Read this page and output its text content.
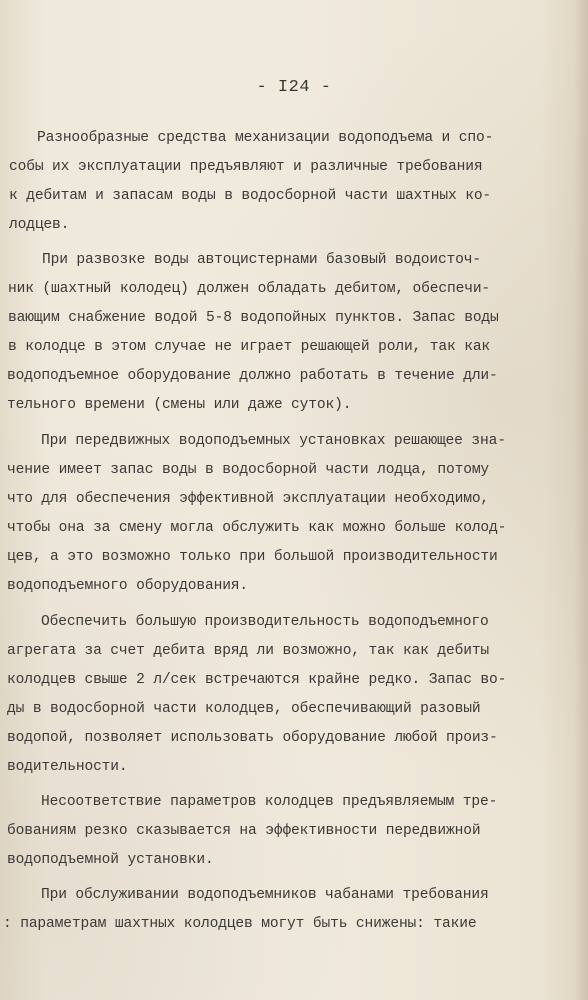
- I24 -
Разнообразные средства механизации водоподъема и спо-
собы их эксплуатации предъявляют и различные требования
к дебитам и запасам воды в водосборной части шахтных ко-
лодцев.
При развозке воды автоцистернами базовый водоисточ-
ник (шахтный колодец) должен обладать дебитом, обеспечи-
вающим снабжение водой 5-8 водопойных пунктов. Запас воды
в колодце в этом случае не играет решающей роли, так как
водоподъемное оборудование должно работать в течение дли-
тельного времени (смены или даже суток).
При передвижных водоподъемных установках решающее зна-
чение имеет запас воды в водосборной части лодца, потому
что для обеспечения эффективной эксплуатации необходимо,
чтобы она за смену могла обслужить как можно больше колод-
цев, а это возможно только при большой производительности
водоподъемного оборудования.
Обеспечить большую производительность водоподъемного
агрегата за счет дебита вряд ли возможно, так как дебиты
колодцев свыше 2 л/сек встречаются крайне редко. Запас во-
ды в водосборной части колодцев, обеспечивающий разовый
водопой, позволяет использовать оборудование любой произ-
водительности.
Несоответствие параметров колодцев предъявляемым тре-
бованиям резко сказывается на эффективности передвижной
водоподъемной установки.
При обслуживании водоподъемников чабанами требования
: параметрам шахтных колодцев могут быть снижены: такие
